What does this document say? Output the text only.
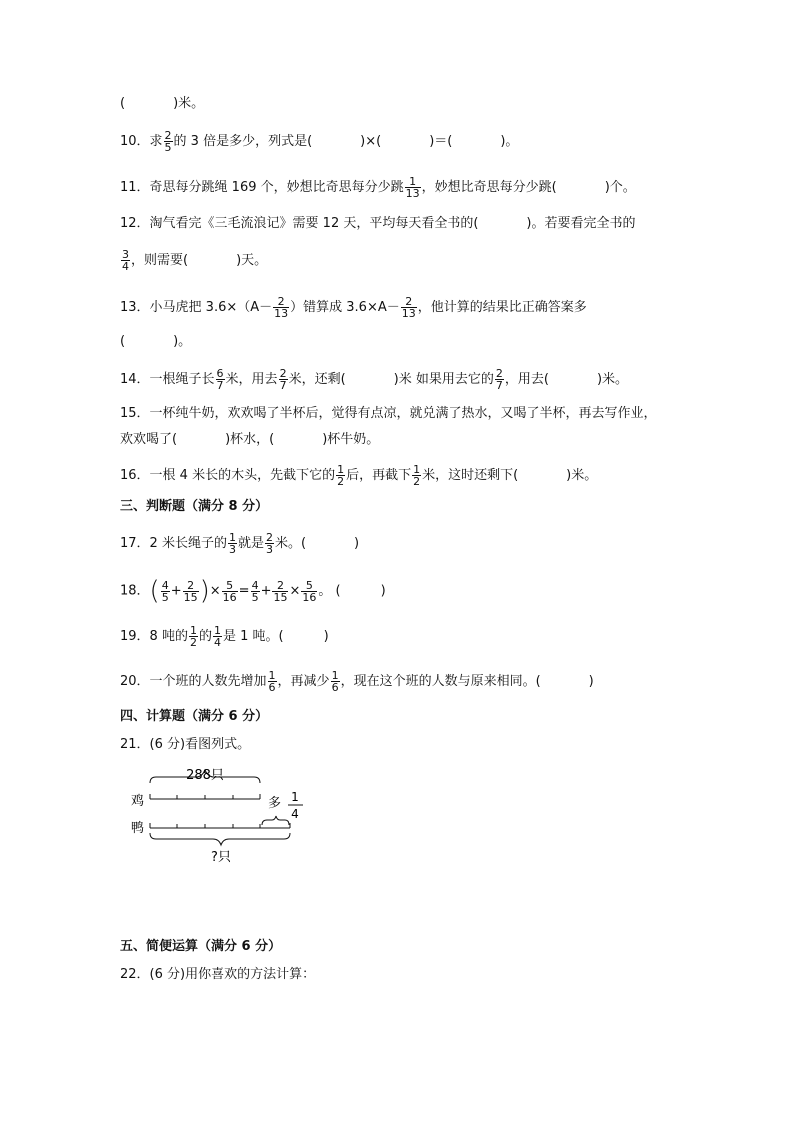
(	)米。
10．求 $\frac{2}{5}$ 的 3 倍是多少，列式是(	)×(	)＝(	)。
11．奇思每分跳绳 169 个，妙想比奇思每分少跳 $\frac{1}{13}$ ，妙想比奇思每分少跳(	)个。
12．淘气看完《三毛流浪记》需要 12 天，平均每天看全书的(	)。若要看完全书的
$\frac{3}{4}$ ，则需要(	)天。
13．小马虎把 $3.6\times(A- \frac{2}{13}$ ）错算成 $3.6\times A- \frac{2}{13}$ ，他计算的结果比正确答案多
(	)。
14．一根绳子长 $\frac{6}{7}$ 米，用去 $\frac{2}{7}$ 米，还剩(	)米 如果用去它的 $\frac{2}{7}$ ，用去(	)米。
15．一杯纯牛奶，欢欢喝了半杯后，觉得有点凉，就兑满了热水，又喝了半杯，再去写作业，
欢欢喝了(	)杯水，(	)杯牛奶。
16．一根 4 米长的木头，先截下它的 $\frac{1}{2}$ 后，再截下 $\frac{1}{2}$ 米，这时还剩下(	)米。
三、判断题（满分 8 分）
17．2 米长绳子的 $\frac{1}{3}$ 就是 $\frac{2}{3}$ 米。(	)
18．( $\frac{4}{5} + \frac{2}{15}$ )× $\frac{5}{16} = \frac{4}{5} + \frac{2}{15} \times \frac{5}{16}$ 。 (	)
19．8 吨的 $\frac{1}{2}$ 的 $\frac{1}{4}$ 是 1 吨。(	)
20．一个班的人数先增加 $\frac{1}{6}$ ，再减少 $\frac{1}{6}$ ，现在这个班的人数与原来相同。(	)
四、计算题（满分 6 分）
21．(6 分)看图列式。
288只
鸡	多 1
4
鸭
?只
五、简便运算（满分 6 分）
22．(6 分)用你喜欢的方法计算：
